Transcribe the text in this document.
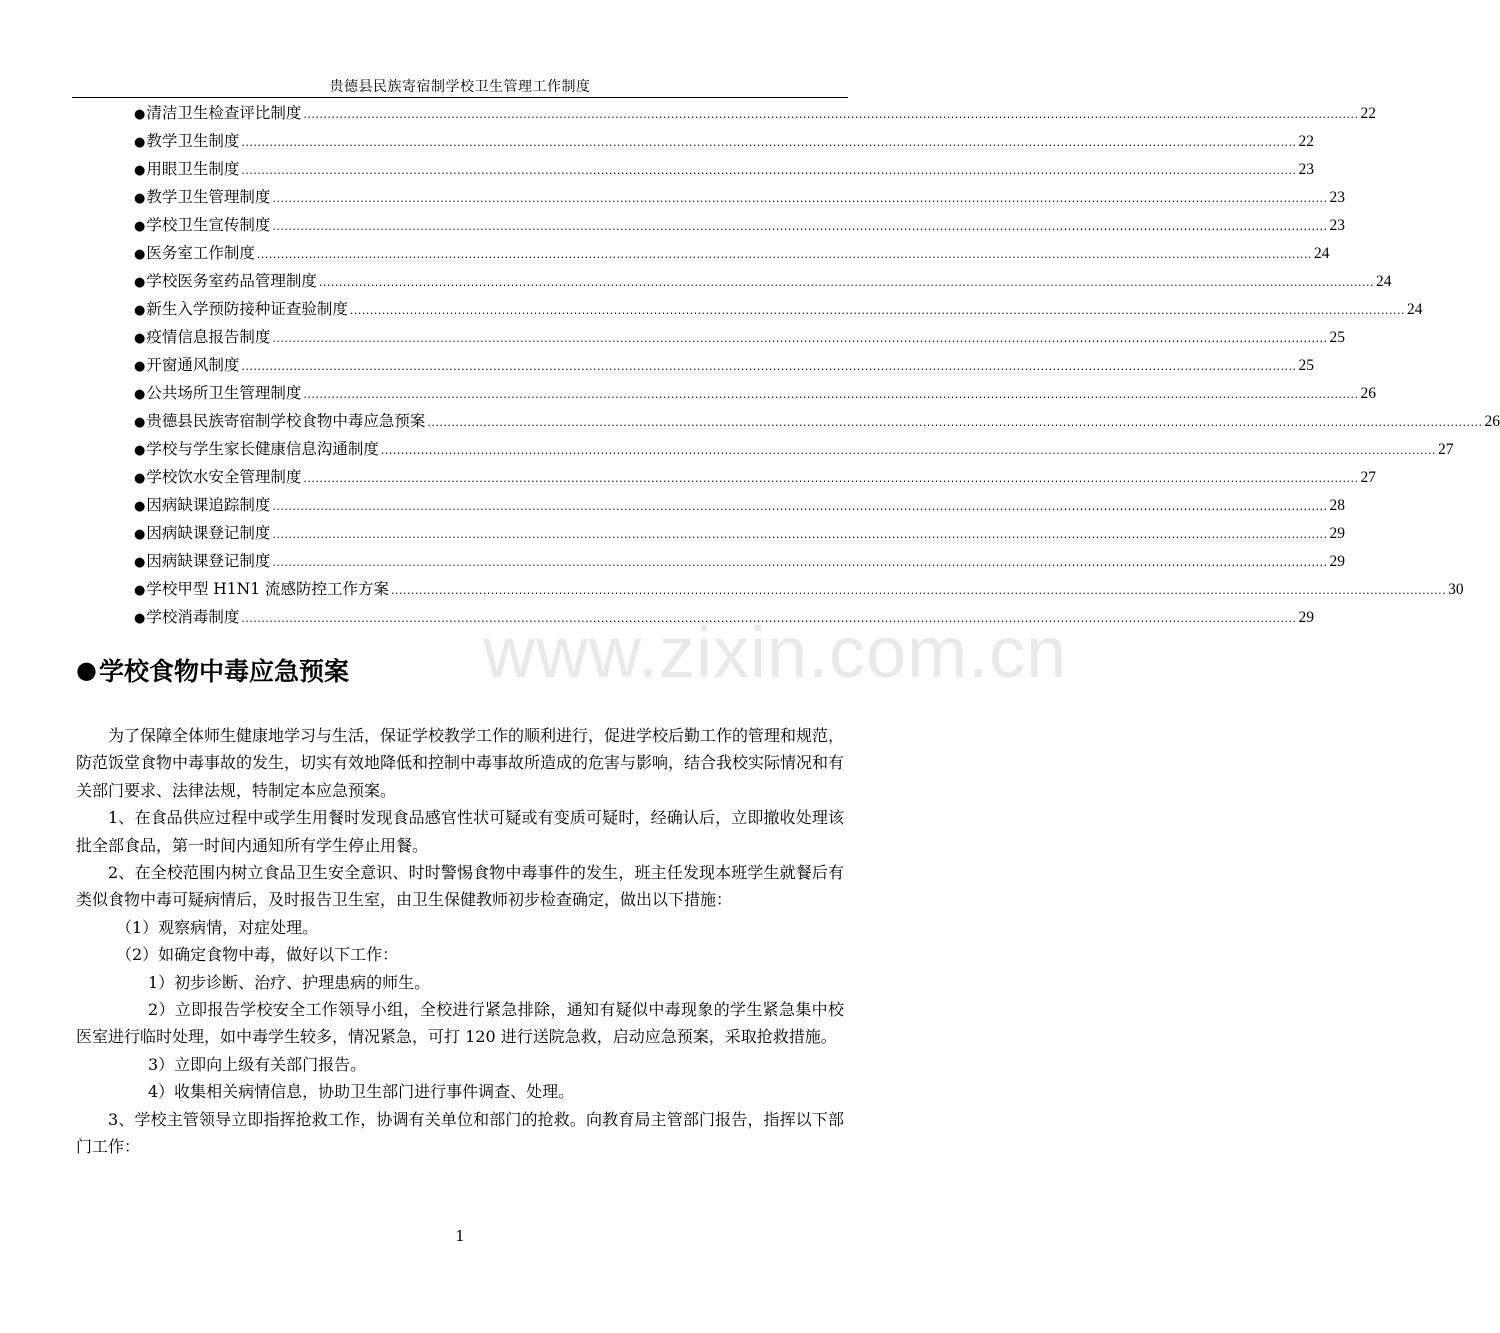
贵德县民族寄宿制学校卫生管理工作制度
● 清洁卫生检查评比制度 .....	22
● 教学卫生制度 .....	22
● 用眼卫生制度 .....	23
● 教学卫生管理制度 .....	23
● 学校卫生宣传制度 .....	23
● 医务室工作制度 .....	24
● 学校医务室药品管理制度 .....	24
● 新生入学预防接种证查验制度 .....	24
● 疫情信息报告制度 .....	25
● 开窗通风制度 .....	25
● 公共场所卫生管理制度 .....	26
● 贵德县民族寄宿制学校食物中毒应急预案 .....	26
● 学校与学生家长健康信息沟通制度 .....	27
● 学校饮水安全管理制度 .....	27
● 因病缺课追踪制度 .....	28
● 因病缺课登记制度 .....	29
● 因病缺课登记制度 .....	29
● 学校甲型 H1N1 流感防控工作方案 .....	30
● 学校消毒制度 .....	29
www.zixin.com.cn
● 学校食物中毒应急预案

为了保障全体师生健康地学习与生活，保证学校教学工作的顺利进行，促进学校后勤工作的管理和规范，防范饭堂食物中毒事故的发生，切实有效地降低和控制中毒事故所造成的危害与影响，结合我校实际情况和有关部门要求、法律法规，特制定本应急预案。

1、在食品供应过程中或学生用餐时发现食品感官性状可疑或有变质可疑时，经确认后，立即撤收处理该批全部食品，第一时间内通知所有学生停止用餐。

2、在全校范围内树立食品卫生安全意识、时时警惕食物中毒事件的发生，班主任发现本班学生就餐后有类似食物中毒可疑病情后，及时报告卫生室，由卫生保健教师初步检查确定，做出以下措施：

（1）观察病情，对症处理。

（2）如确定食物中毒，做好以下工作：

1）初步诊断、治疗、护理患病的师生。

2）立即报告学校安全工作领导小组，全校进行紧急排除，通知有疑似中毒现象的学生紧急集中校医室进行临时处理，如中毒学生较多，情况紧急，可打 120 进行送院急救，启动应急预案，采取抢救措施。

3）立即向上级有关部门报告。

4）收集相关病情信息，协助卫生部门进行事件调查、处理。

3、学校主管领导立即指挥抢救工作，协调有关单位和部门的抢救。向教育局主管部门报告，指挥以下部门工作：

1
